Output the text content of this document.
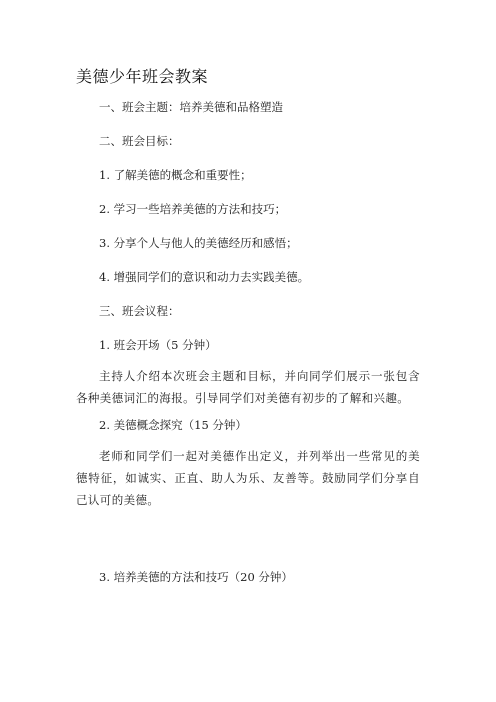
美德少年班会教案

一、班会主题：培养美德和品格塑造

二、班会目标：

1. 了解美德的概念和重要性；

2. 学习一些培养美德的方法和技巧；

3. 分享个人与他人的美德经历和感悟；

4. 增强同学们的意识和动力去实践美德。

三、班会议程：

1. 班会开场（5 分钟）

主持人介绍本次班会主题和目标，并向同学们展示一张包含各种美德词汇的海报。引导同学们对美德有初步的了解和兴趣。

2. 美德概念探究（15 分钟）

老师和同学们一起对美德作出定义，并列举出一些常见的美德特征，如诚实、正直、助人为乐、友善等。鼓励同学们分享自己认可的美德。

3. 培养美德的方法和技巧（20 分钟）
